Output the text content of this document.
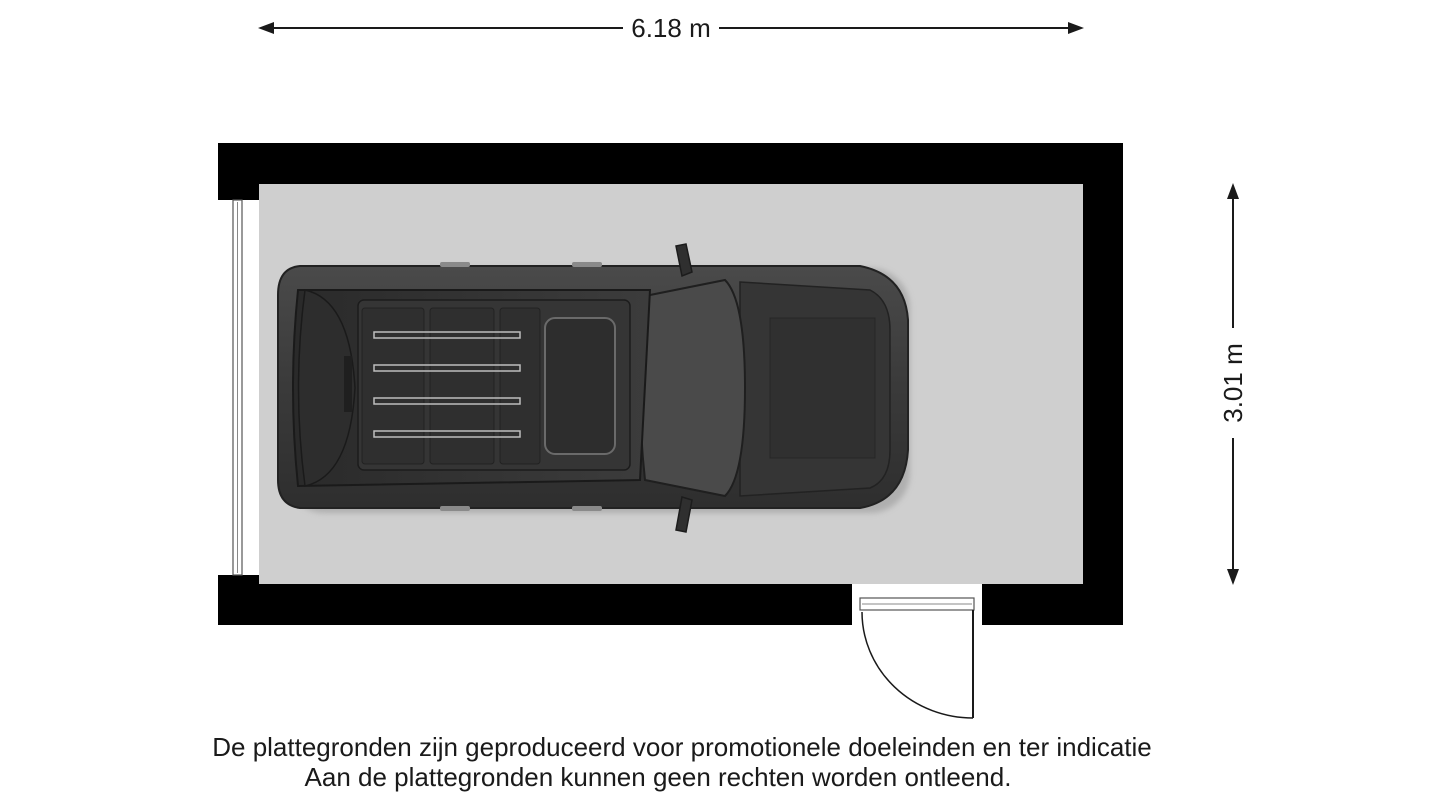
6.18 m
3.01 m
De plattegronden zijn geproduceerd voor promotionele doeleinden en ter indicatie
Aan de plattegronden kunnen geen rechten worden ontleend.
